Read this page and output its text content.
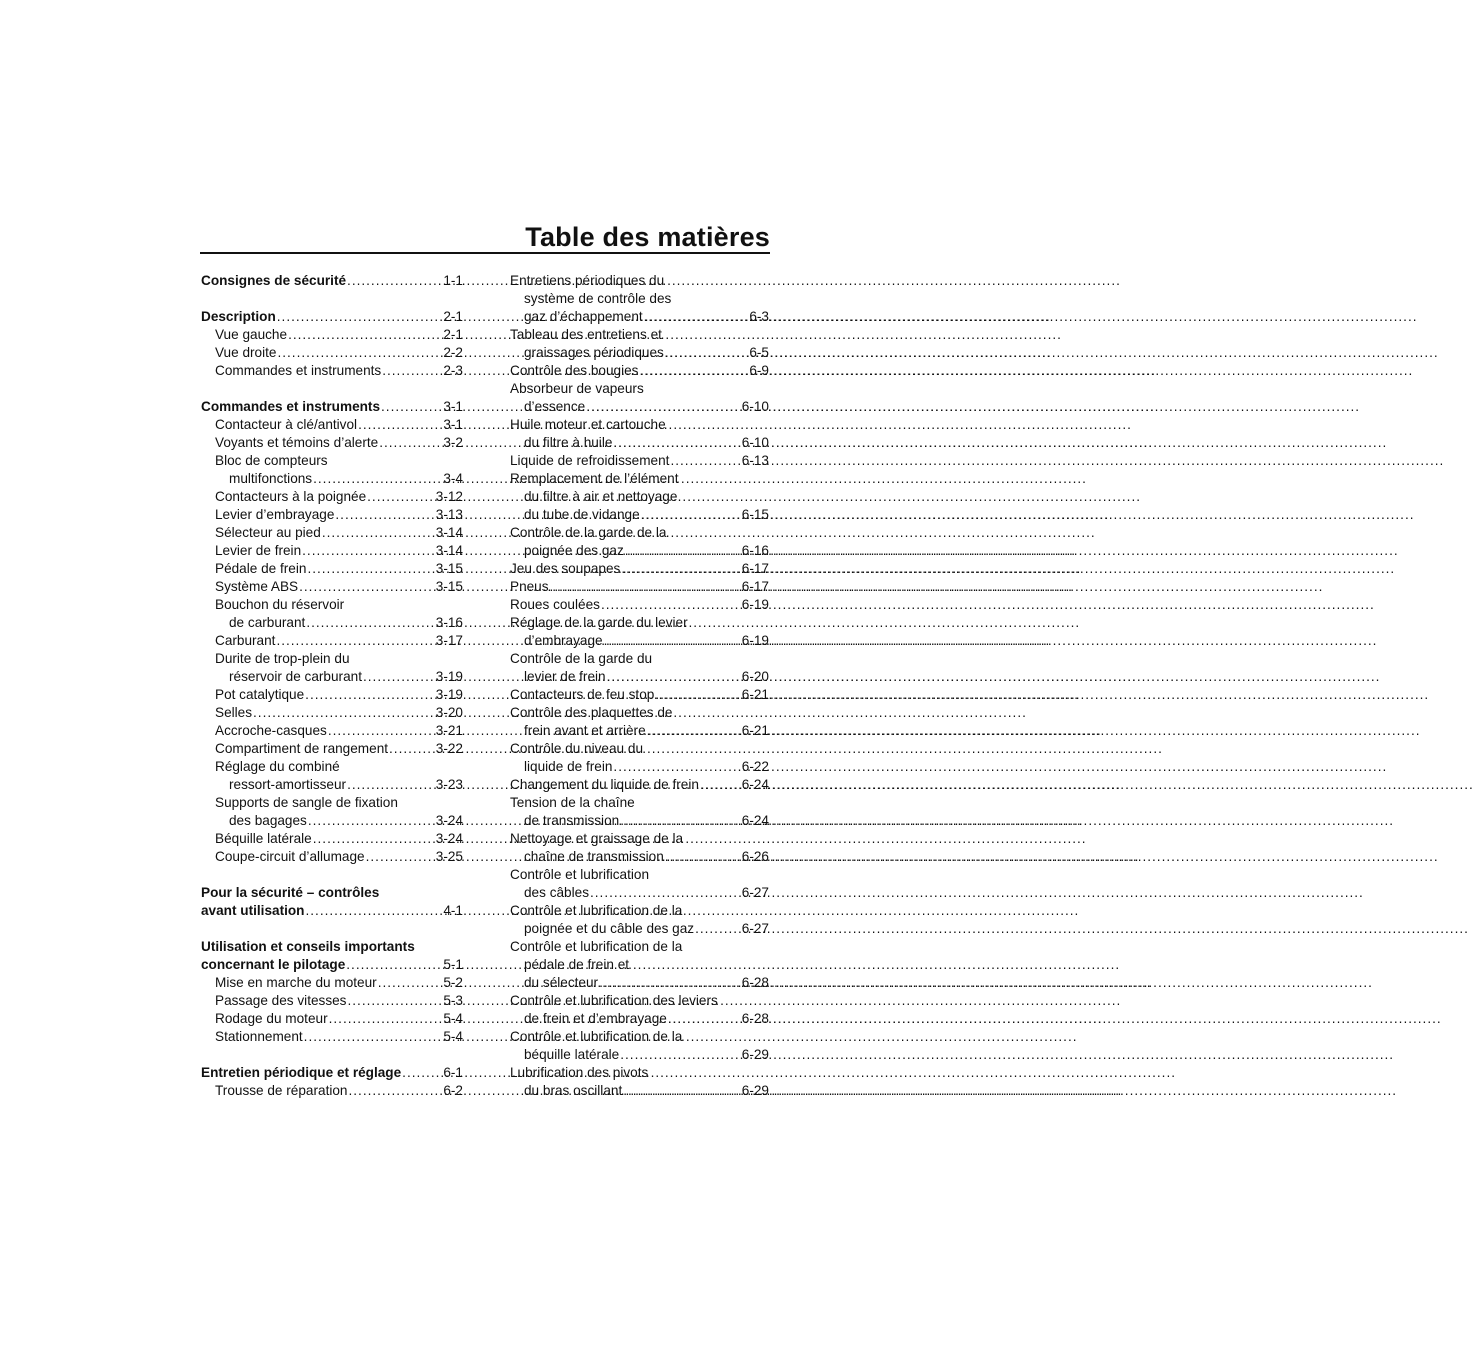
Table des matières
Consignes de sécurité .....	1-1
Description .....	2-1
Vue gauche .....	2-1
Vue droite .....	2-2
Commandes et instruments .....	2-3
Commandes et instruments .....	3-1
Contacteur à clé/antivol .....	3-1
Voyants et témoins d’alerte .....	3-2
Bloc de compteurs
multifonctions .....	3-4
Contacteurs à la poignée .....	3-12
Levier d’embrayage .....	3-13
Sélecteur au pied .....	3-14
Levier de frein .....	3-14
Pédale de frein .....	3-15
Système ABS .....	3-15
Bouchon du réservoir
de carburant .....	3-16
Carburant .....	3-17
Durite de trop-plein du
réservoir de carburant .....	3-19
Pot catalytique .....	3-19
Selles .....	3-20
Accroche-casques .....	3-21
Compartiment de rangement .....	3-22
Réglage du combiné
ressort-amortisseur .....	3-23
Supports de sangle de fixation
des bagages .....	3-24
Béquille latérale .....	3-24
Coupe-circuit d’allumage .....	3-25
Pour la sécurité – contrôles
avant utilisation .....	4-1
Utilisation et conseils importants
concernant le pilotage .....	5-1
Mise en marche du moteur .....	5-2
Passage des vitesses .....	5-3
Rodage du moteur .....	5-4
Stationnement .....	5-4
Entretien périodique et réglage .....	6-1
Trousse de réparation .....	6-2
Entretiens périodiques du
système de contrôle des
gaz d’échappement .....	6-3
Tableau des entretiens et
graissages périodiques .....	6-5
Contrôle des bougies .....	6-9
Absorbeur de vapeurs
d’essence .....	6-10
Huile moteur et cartouche
du filtre à huile .....	6-10
Liquide de refroidissement .....	6-13
Remplacement de l’élément
du filtre à air et nettoyage
du tube de vidange .....	6-15
Contrôle de la garde de la
poignée des gaz .....	6-16
Jeu des soupapes .....	6-17
Pneus .....	6-17
Roues coulées .....	6-19
Réglage de la garde du levier
d’embrayage .....	6-19
Contrôle de la garde du
levier de frein .....	6-20
Contacteurs de feu stop .....	6-21
Contrôle des plaquettes de
frein avant et arrière .....	6-21
Contrôle du niveau du
liquide de frein .....	6-22
Changement du liquide de frein .....	6-24
Tension de la chaîne
de transmission .....	6-24
Nettoyage et graissage de la
chaîne de transmission .....	6-26
Contrôle et lubrification
des câbles .....	6-27
Contrôle et lubrification de la
poignée et du câble des gaz .....	6-27
Contrôle et lubrification de la
pédale de frein et
du sélecteur .....	6-28
Contrôle et lubrification des leviers
de frein et d’embrayage .....	6-28
Contrôle et lubrification de la
béquille latérale .....	6-29
Lubrification des pivots
du bras oscillant .....	6-29
